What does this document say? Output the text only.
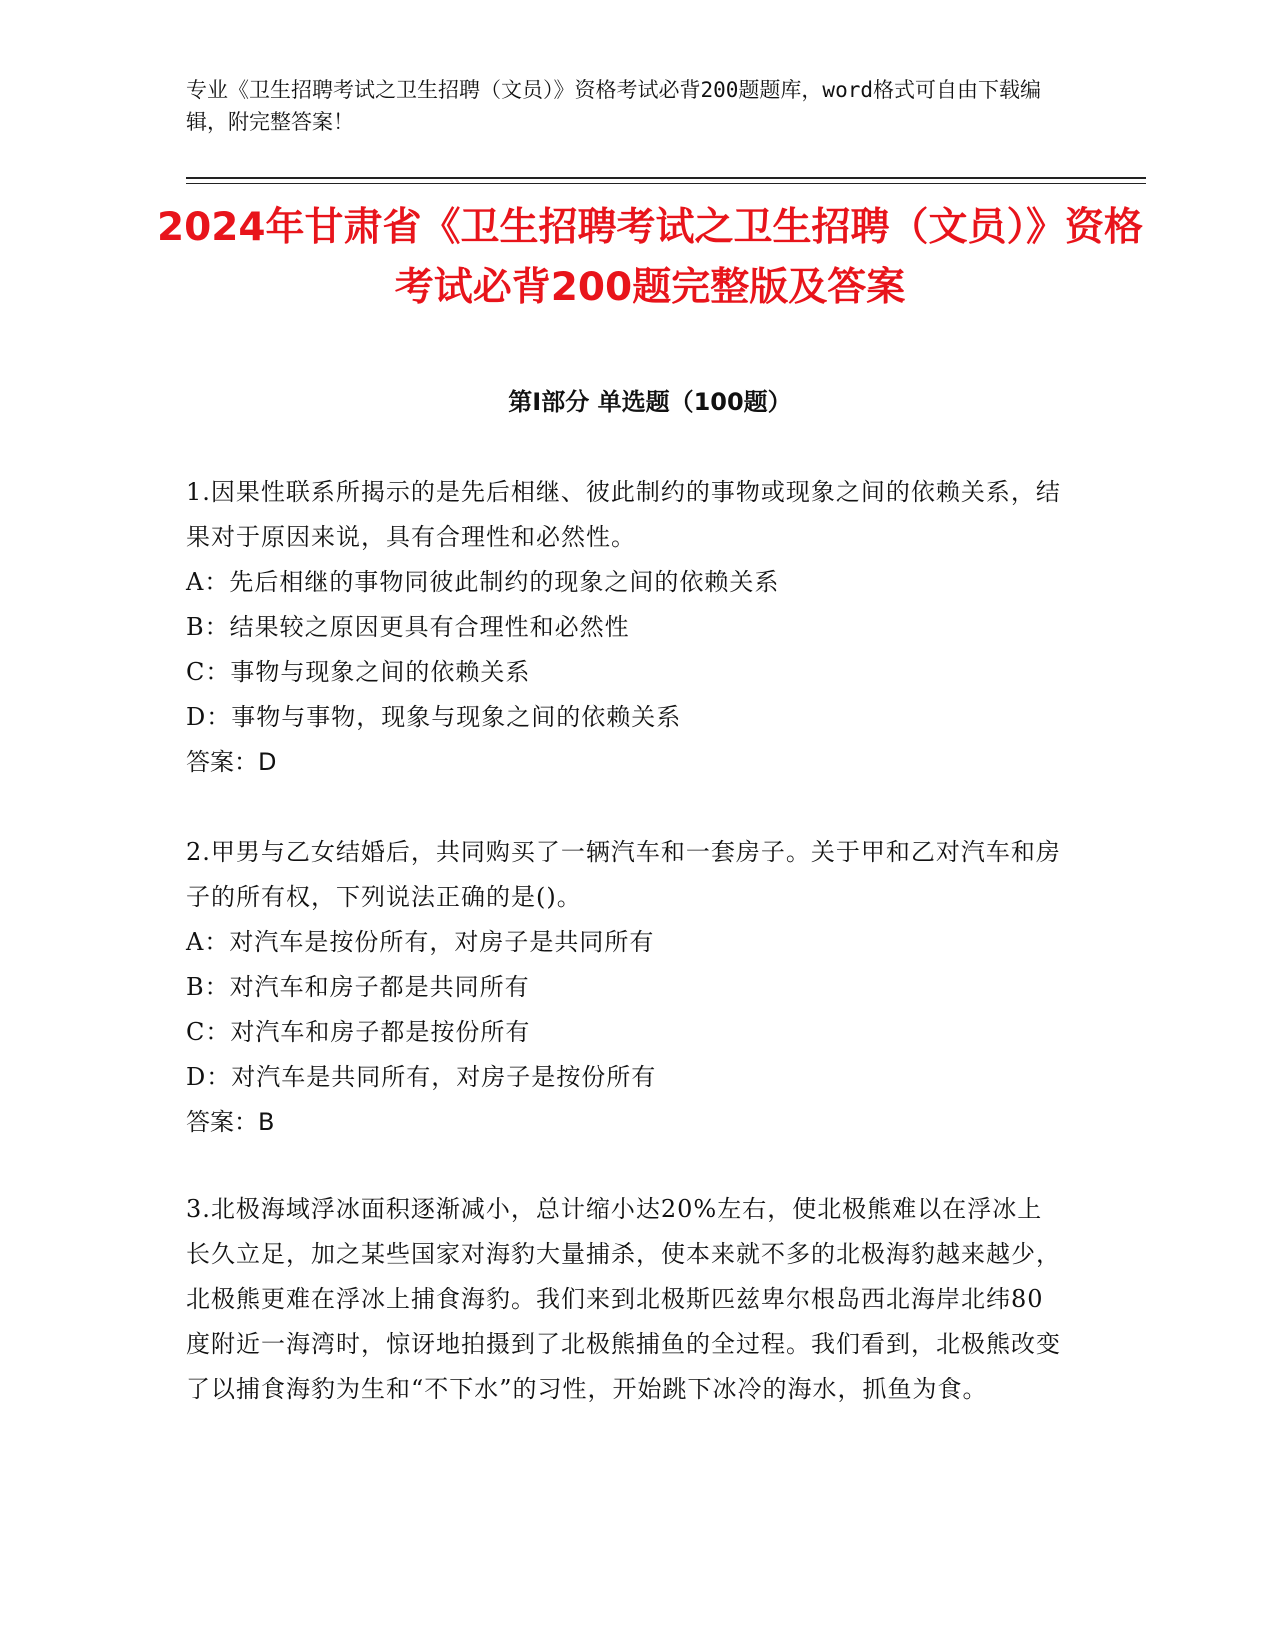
专业《卫生招聘考试之卫生招聘（文员）》资格考试必背200题题库，word格式可自由下载编辑，附完整答案！
2024年甘肃省《卫生招聘考试之卫生招聘（文员）》资格考试必背200题完整版及答案
第I部分 单选题（100题）
1.因果性联系所揭示的是先后相继、彼此制约的事物或现象之间的依赖关系，结果对于原因来说，具有合理性和必然性。
A：先后相继的事物同彼此制约的现象之间的依赖关系
B：结果较之原因更具有合理性和必然性
C：事物与现象之间的依赖关系
D：事物与事物，现象与现象之间的依赖关系
答案：D
2.甲男与乙女结婚后，共同购买了一辆汽车和一套房子。关于甲和乙对汽车和房子的所有权，下列说法正确的是()。
A：对汽车是按份所有，对房子是共同所有
B：对汽车和房子都是共同所有
C：对汽车和房子都是按份所有
D：对汽车是共同所有，对房子是按份所有
答案：B
3.北极海域浮冰面积逐渐减小，总计缩小达20%左右，使北极熊难以在浮冰上长久立足，加之某些国家对海豹大量捕杀，使本来就不多的北极海豹越来越少，北极熊更难在浮冰上捕食海豹。我们来到北极斯匹兹卑尔根岛西北海岸北纬80度附近一海湾时，惊讶地拍摄到了北极熊捕鱼的全过程。我们看到，北极熊改变了以捕食海豹为生和“不下水”的习性，开始跳下冰冷的海水，抓鱼为食。
